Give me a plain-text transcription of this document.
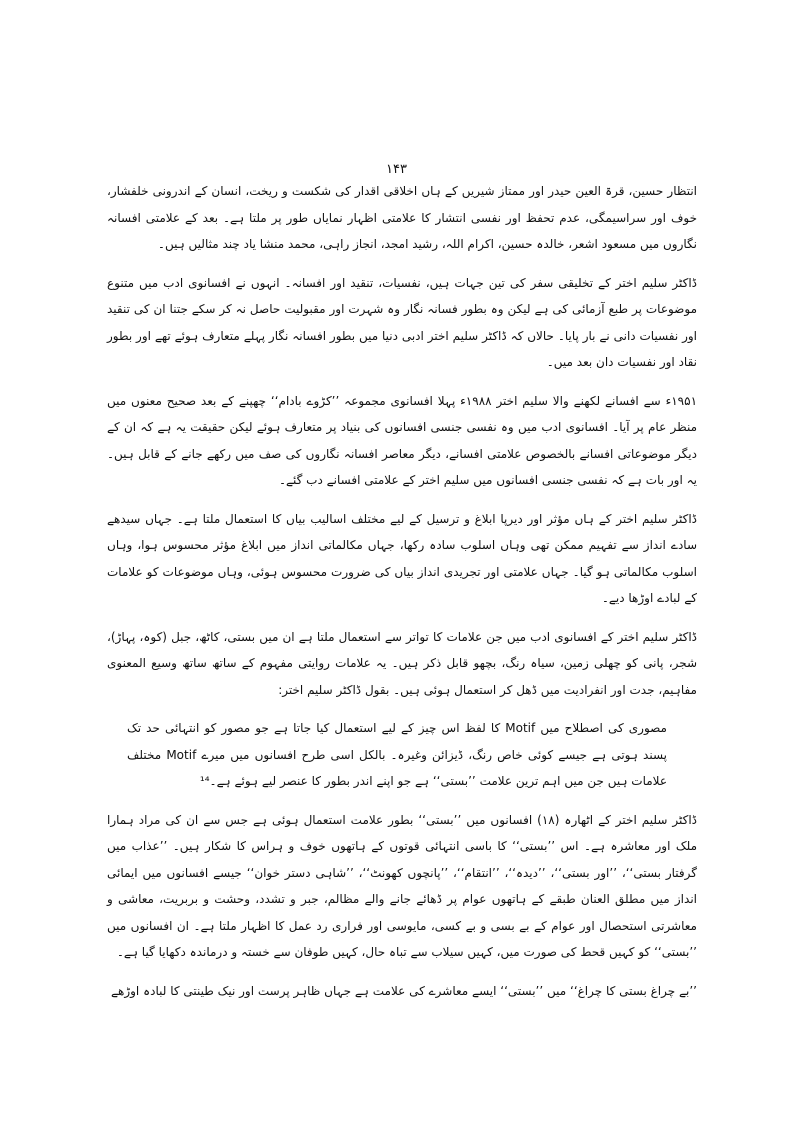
۱۴۳

انتظار حسین، قرۃ العین حیدر اور ممتاز شیریں کے ہاں اخلاقی اقدار کی شکست و ریخت، انسان کے اندرونی خلفشار، خوف اور سراسیمگی، عدم تحفظ اور نفسی انتشار کا علامتی اظہار نمایاں طور پر ملتا ہے۔ بعد کے علامتی افسانہ نگاروں میں مسعود اشعر، خالدہ حسین، اکرام اللہ، رشید امجد، انجاز راہی، محمد منشا یاد چند مثالیں ہیں۔

ڈاکٹر سلیم اختر کے تخلیقی سفر کی تین جہات ہیں، نفسیات، تنقید اور افسانہ۔ انہوں نے افسانوی ادب میں متنوع موضوعات پر طبع آزمائی کی ہے لیکن وہ بطور فسانہ نگار وہ شہرت اور مقبولیت حاصل نہ کر سکے جتنا ان کی تنقید اور نفسیات دانی نے بار پایا۔ حالاں کہ ڈاکٹر سلیم اختر ادبی دنیا میں بطور افسانہ نگار پہلے متعارف ہوئے تھے اور بطور نقاد اور نفسیات دان بعد میں۔

۱۹۵۱ء سے افسانے لکھنے والا سلیم اختر ۱۹۸۸ء پہلا افسانوی مجموعہ ’’کڑوے بادام‘‘ چھپنے کے بعد صحیح معنوں میں منظر عام پر آیا۔ افسانوی ادب میں وہ نفسی جنسی افسانوں کی بنیاد پر متعارف ہوئے لیکن حقیقت یہ ہے کہ ان کے دیگر موضوعاتی افسانے بالخصوص علامتی افسانے، دیگر معاصر افسانہ نگاروں کی صف میں رکھے جانے کے قابل ہیں۔ یہ اور بات ہے کہ نفسی جنسی افسانوں میں سلیم اختر کے علامتی افسانے دب گئے۔

ڈاکٹر سلیم اختر کے ہاں مؤثر اور دیرپا ابلاغ و ترسیل کے لیے مختلف اسالیب بیاں کا استعمال ملتا ہے۔ جہاں سیدھے سادے انداز سے تفہیم ممکن تھی وہاں اسلوب سادہ رکھا، جہاں مکالماتی انداز میں ابلاغ مؤثر محسوس ہوا، وہاں اسلوب مکالماتی ہو گیا۔ جہاں علامتی اور تجریدی انداز بیاں کی ضرورت محسوس ہوئی، وہاں موضوعات کو علامات کے لبادے اوڑھا دیے۔

ڈاکٹر سلیم اختر کے افسانوی ادب میں جن علامات کا تواتر سے استعمال ملتا ہے ان میں بستی، کاٹھ، جبل (کوہ، پہاڑ)، شجر، پانی کو چھلی زمین، سیاہ رنگ، بچھو قابل ذکر ہیں۔ یہ علامات روایتی مفہوم کے ساتھ ساتھ وسیع المعنوی مفاہیم، جدت اور انفرادیت میں ڈھل کر استعمال ہوئی ہیں۔ بقول ڈاکٹر سلیم اختر:

مصوری کی اصطلاح میں Motif کا لفظ اس چیز کے لیے استعمال کیا جاتا ہے جو مصور کو انتہائی حد تک پسند ہوتی ہے جیسے کوئی خاص رنگ، ڈیزائن وغیرہ۔ بالکل اسی طرح افسانوں میں میرے Motif مختلف علامات ہیں جن میں اہم ترین علامت ’’بستی‘‘ ہے جو اپنے اندر بطور کا عنصر لیے ہوئے ہے۔¹⁴

ڈاکٹر سلیم اختر کے اٹھارہ (۱۸) افسانوں میں ’’بستی‘‘ بطور علامت استعمال ہوئی ہے جس سے ان کی مراد ہمارا ملک اور معاشرہ ہے۔ اس ’’بستی‘‘ کا باسی انتہائی قوتوں کے ہاتھوں خوف و ہراس کا شکار ہیں۔ ’’عذاب میں گرفتار بستی‘‘، ’’اور بستی‘‘، ’’دیدہ‘‘، ’’انتقام‘‘، ’’پانچوں کھونٹ‘‘، ’’شاہی دستر خوان‘‘ جیسے افسانوں میں ایمائی انداز میں مطلق العنان طبقے کے ہاتھوں عوام پر ڈھائے جانے والے مظالم، جبر و تشدد، وحشت و بربریت، معاشی و معاشرتی استحصال اور عوام کے بے بسی و بے کسی، مایوسی اور فراری رد عمل کا اظہار ملتا ہے۔ ان افسانوں میں ’’بستی‘‘ کو کہیں قحط کی صورت میں، کہیں سیلاب سے تباہ حال، کہیں طوفان سے خستہ و درماندہ دکھایا گیا ہے۔

’’بے چراغ بستی کا چراغ‘‘ میں ’’بستی‘‘ ایسے معاشرے کی علامت ہے جہاں ظاہر پرست اور نیک طینتی کا لبادہ اوڑھے
